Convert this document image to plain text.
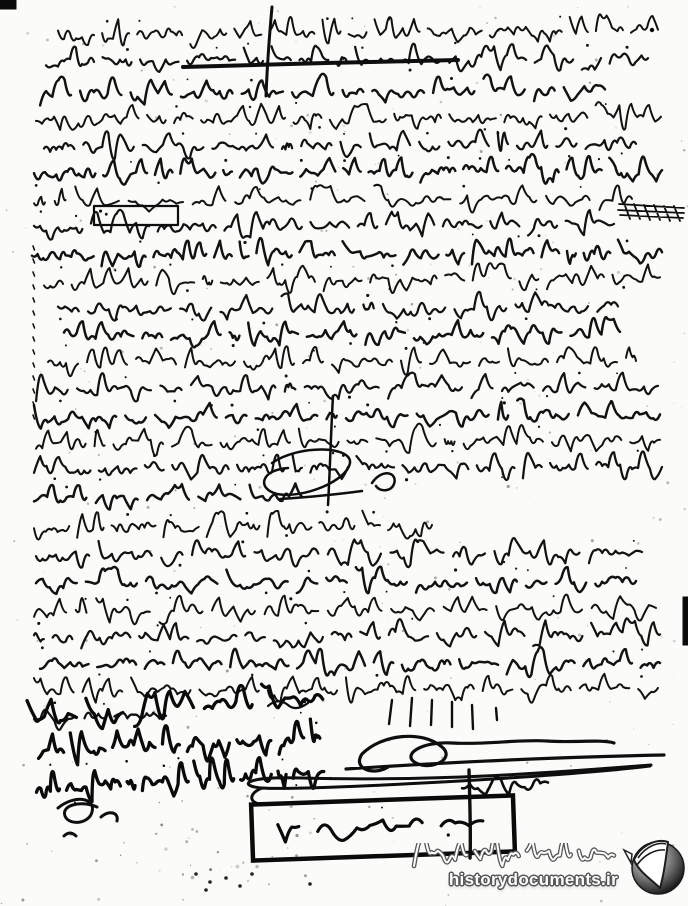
historydocuments.ir
